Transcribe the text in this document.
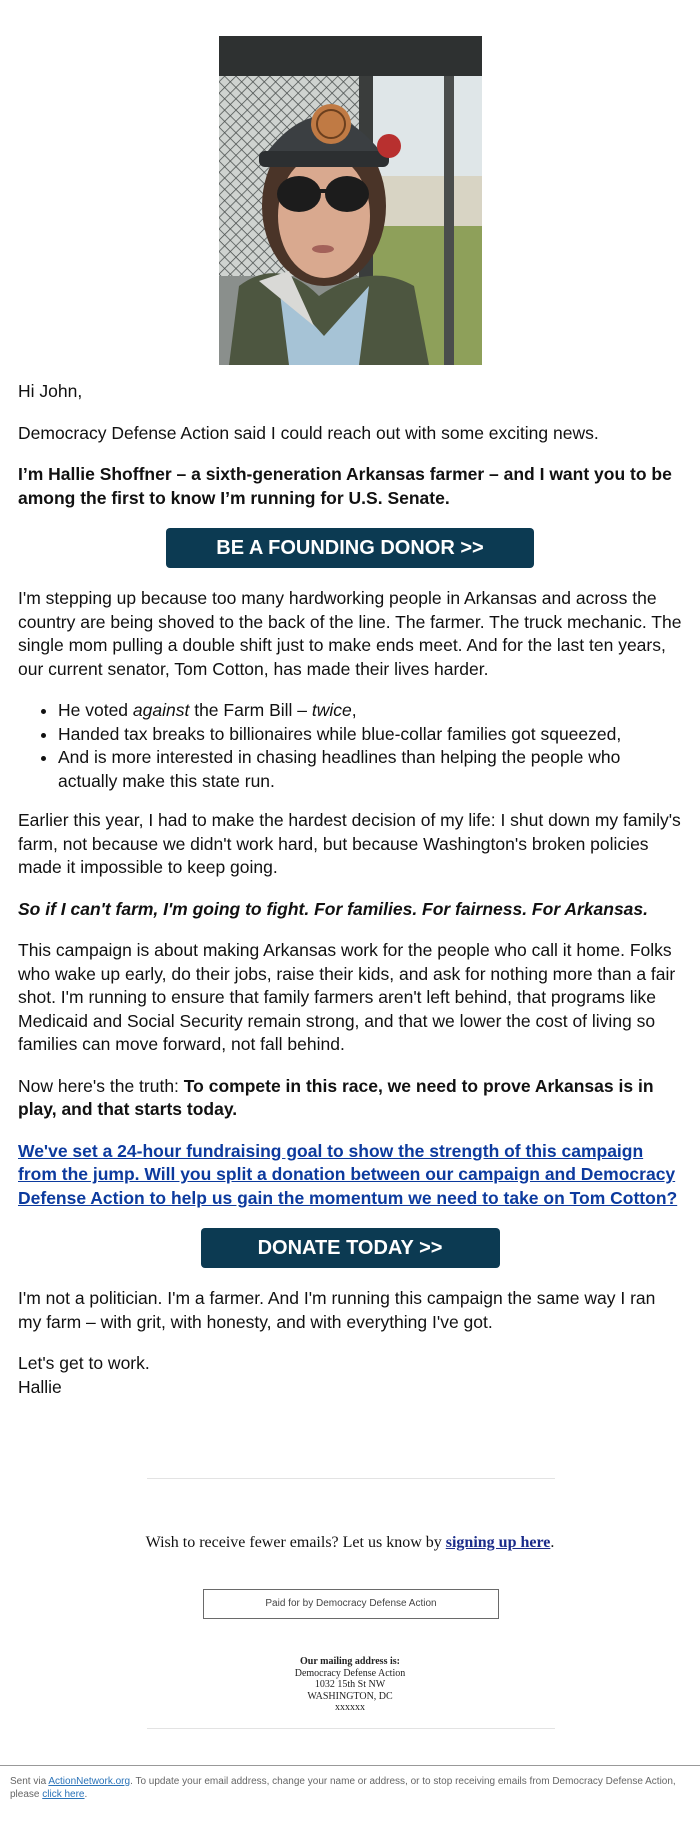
Hi John,

Democracy Defense Action said I could reach out with some exciting news.

I’m Hallie Shoffner – a sixth-generation Arkansas farmer – and I want you to be among the first to know I’m running for U.S. Senate.

BE A FOUNDING DONOR >>

I'm stepping up because too many hardworking people in Arkansas and across the country are being shoved to the back of the line. The farmer. The truck mechanic. The single mom pulling a double shift just to make ends meet. And for the last ten years, our current senator, Tom Cotton, has made their lives harder.

• He voted against the Farm Bill – twice,
• Handed tax breaks to billionaires while blue-collar families got squeezed,
• And is more interested in chasing headlines than helping the people who actually make this state run.

Earlier this year, I had to make the hardest decision of my life: I shut down my family's farm, not because we didn't work hard, but because Washington's broken policies made it impossible to keep going.

So if I can't farm, I'm going to fight. For families. For fairness. For Arkansas.

This campaign is about making Arkansas work for the people who call it home. Folks who wake up early, do their jobs, raise their kids, and ask for nothing more than a fair shot. I'm running to ensure that family farmers aren't left behind, that programs like Medicaid and Social Security remain strong, and that we lower the cost of living so families can move forward, not fall behind.

Now here's the truth: To compete in this race, we need to prove Arkansas is in play, and that starts today.

We've set a 24-hour fundraising goal to show the strength of this campaign from the jump. Will you split a donation between our campaign and Democracy Defense Action to help us gain the momentum we need to take on Tom Cotton?

DONATE TODAY >>

I'm not a politician. I'm a farmer. And I'm running this campaign the same way I ran my farm – with grit, with honesty, and with everything I've got.

Let's get to work.
Hallie

Wish to receive fewer emails? Let us know by signing up here.
Paid for by Democracy Defense Action
Our mailing address is:
Democracy Defense Action
1032 15th St NW
WASHINGTON, DC
xxxxxx
Sent via ActionNetwork.org. To update your email address, change your name or address, or to stop receiving emails from Democracy Defense Action, please click here.
